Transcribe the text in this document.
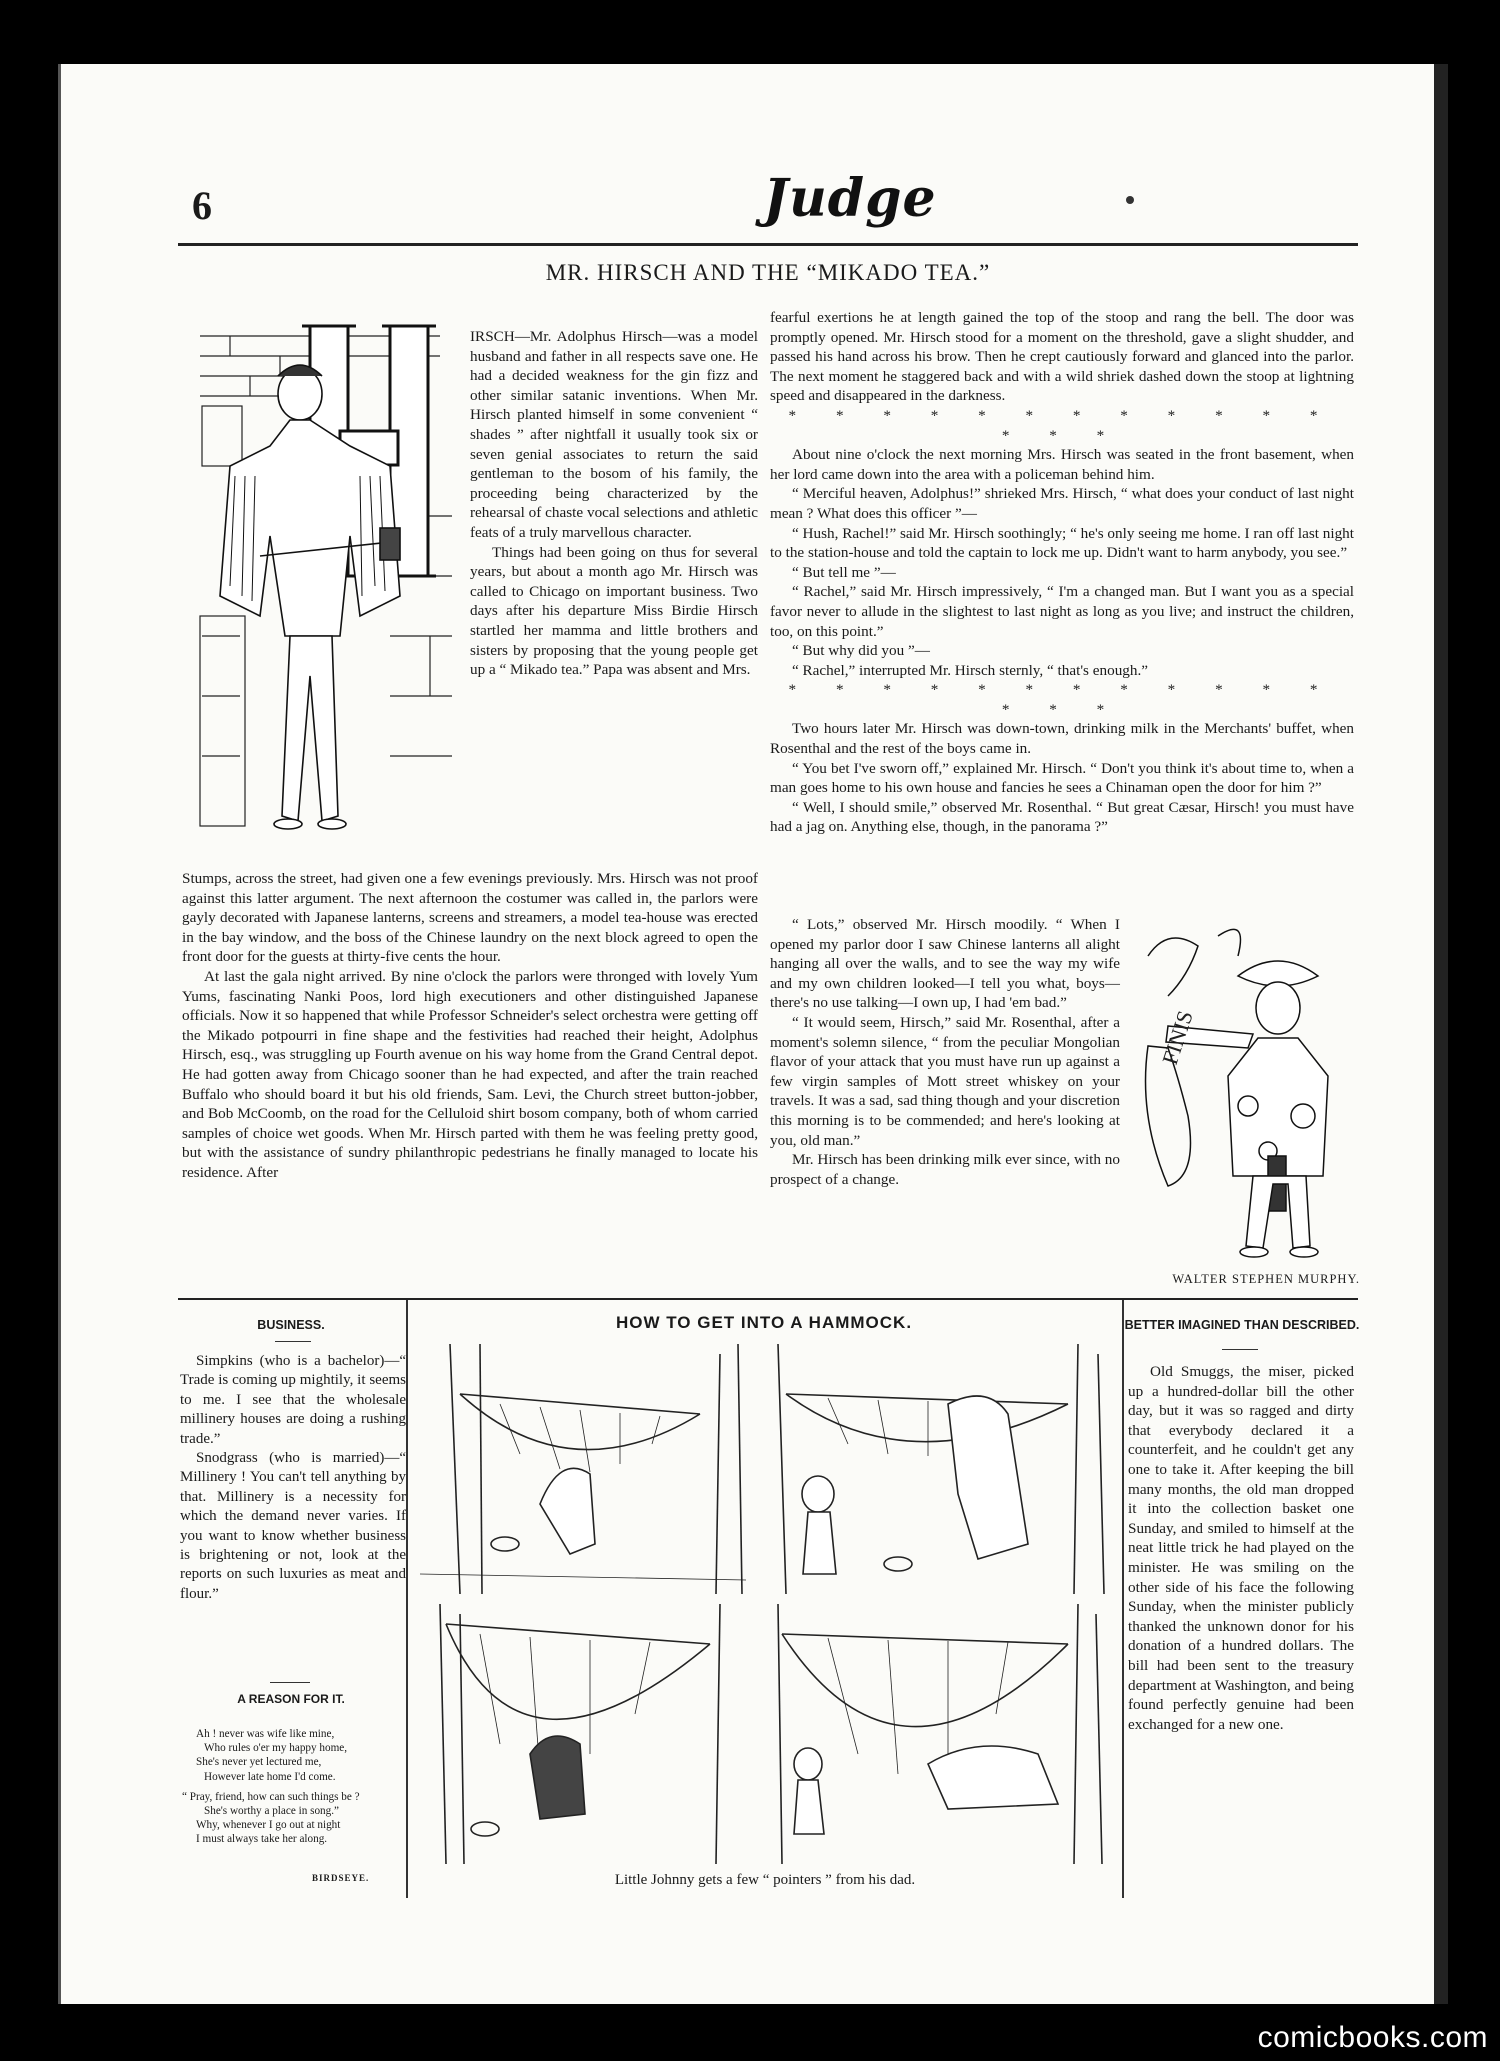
6	Judge
MR. HIRSCH AND THE “MIKADO TEA.”

IRSCH—Mr. Adolphus Hirsch—was a model husband and father in all respects save one. He had a decided weakness for the gin fizz and other similar satanic inventions. When Mr. Hirsch planted himself in some convenient “ shades ” after nightfall it usually took six or seven genial associates to return the said gentleman to the bosom of his family, the proceeding being characterized by the rehearsal of chaste vocal selections and athletic feats of a truly marvellous character.

Things had been going on thus for several years, but about a month ago Mr. Hirsch was called to Chicago on important business. Two days after his departure Miss Birdie Hirsch startled her mamma and little brothers and sisters by proposing that the young people get up a “ Mikado tea.” Papa was absent and Mrs.

Stumps, across the street, had given one a few evenings previously. Mrs. Hirsch was not proof against this latter argument. The next afternoon the costumer was called in, the parlors were gayly decorated with Japanese lanterns, screens and streamers, a model tea-house was erected in the bay window, and the boss of the Chinese laundry on the next block agreed to open the front door for the guests at thirty-five cents the hour.

At last the gala night arrived. By nine o'clock the parlors were thronged with lovely Yum Yums, fascinating Nanki Poos, lord high executioners and other distinguished Japanese officials. Now it so happened that while Professor Schneider's select orchestra were getting off the Mikado potpourri in fine shape and the festivities had reached their height, Adolphus Hirsch, esq., was struggling up Fourth avenue on his way home from the Grand Central depot. He had gotten away from Chicago sooner than he had expected, and after the train reached Buffalo who should board it but his old friends, Sam. Levi, the Church street button-jobber, and Bob McCoomb, on the road for the Celluloid shirt bosom company, both of whom carried samples of choice wet goods. When Mr. Hirsch parted with them he was feeling pretty good, but with the assistance of sundry philanthropic pedestrians he finally managed to locate his residence. After

fearful exertions he at length gained the top of the stoop and rang the bell. The door was promptly opened. Mr. Hirsch stood for a moment on the threshold, gave a slight shudder, and passed his hand across his brow. Then he crept cautiously forward and glanced into the parlor. The next moment he staggered back and with a wild shriek dashed down the stoop at lightning speed and disappeared in the darkness.

* * * * * * * * * * * * * * *

About nine o'clock the next morning Mrs. Hirsch was seated in the front basement, when her lord came down into the area with a policeman behind him.

“ Merciful heaven, Adolphus!” shrieked Mrs. Hirsch, “ what does your conduct of last night mean ? What does this officer ”—

“ Hush, Rachel!” said Mr. Hirsch soothingly; “ he's only seeing me home. I ran off last night to the station-house and told the captain to lock me up. Didn't want to harm anybody, you see.”

“ But tell me ”—

“ Rachel,” said Mr. Hirsch impressively, “ I'm a changed man. But I want you as a special favor never to allude in the slightest to last night as long as you live; and instruct the children, too, on this point.”

“ But why did you ”—

“ Rachel,” interrupted Mr. Hirsch sternly, “ that's enough.”

* * * * * * * * * * * * * * *

Two hours later Mr. Hirsch was down-town, drinking milk in the Merchants' buffet, when Rosenthal and the rest of the boys came in.

“ You bet I've sworn off,” explained Mr. Hirsch. “ Don't you think it's about time to, when a man goes home to his own house and fancies he sees a Chinaman open the door for him ?”

“ Well, I should smile,” observed Mr. Rosenthal. “ But great Cæsar, Hirsch! you must have had a jag on. Anything else, though, in the panorama ?”

“ Lots,” observed Mr. Hirsch moodily. “ When I opened my parlor door I saw Chinese lanterns all alight hanging all over the walls, and to see the way my wife and my own children looked—I tell you what, boys—there's no use talking—I own up, I had 'em bad.”

“ It would seem, Hirsch,” said Mr. Rosenthal, after a moment's solemn silence, “ from the peculiar Mongolian flavor of your attack that you must have run up against a few virgin samples of Mott street whiskey on your travels. It was a sad, sad thing though and your discretion this morning is to be commended; and here's looking at you, old man.”

Mr. Hirsch has been drinking milk ever since, with no prospect of a change.

FINIS
WALTER STEPHEN MURPHY.
BUSINESS.

Simpkins (who is a bachelor)—“ Trade is coming up mightily, it seems to me. I see that the wholesale millinery houses are doing a rushing trade.”

Snodgrass (who is married)—“ Millinery ! You can't tell anything by that. Millinery is a necessity for which the demand never varies. If you want to know whether business is brightening or not, look at the reports on such luxuries as meat and flour.”

A REASON FOR IT.
Ah ! never was wife like mine,
Who rules o'er my happy home,
She's never yet lectured me,
However late home I'd come.
“ Pray, friend, how can such things be ?
She's worthy a place in song.”
Why, whenever I go out at night
I must always take her along.
BIRDSEYE.
HOW TO GET INTO A HAMMOCK.
Little Johnny gets a few “ pointers ” from his dad.
BETTER IMAGINED THAN DESCRIBED.

Old Smuggs, the miser, picked up a hundred-dollar bill the other day, but it was so ragged and dirty that everybody declared it a counterfeit, and he couldn't get any one to take it. After keeping the bill many months, the old man dropped it into the collection basket one Sunday, and smiled to himself at the neat little trick he had played on the minister. He was smiling on the other side of his face the following Sunday, when the minister publicly thanked the unknown donor for his donation of a hundred dollars. The bill had been sent to the treasury department at Washington, and being found perfectly genuine had been exchanged for a new one.

comicbooks.com
